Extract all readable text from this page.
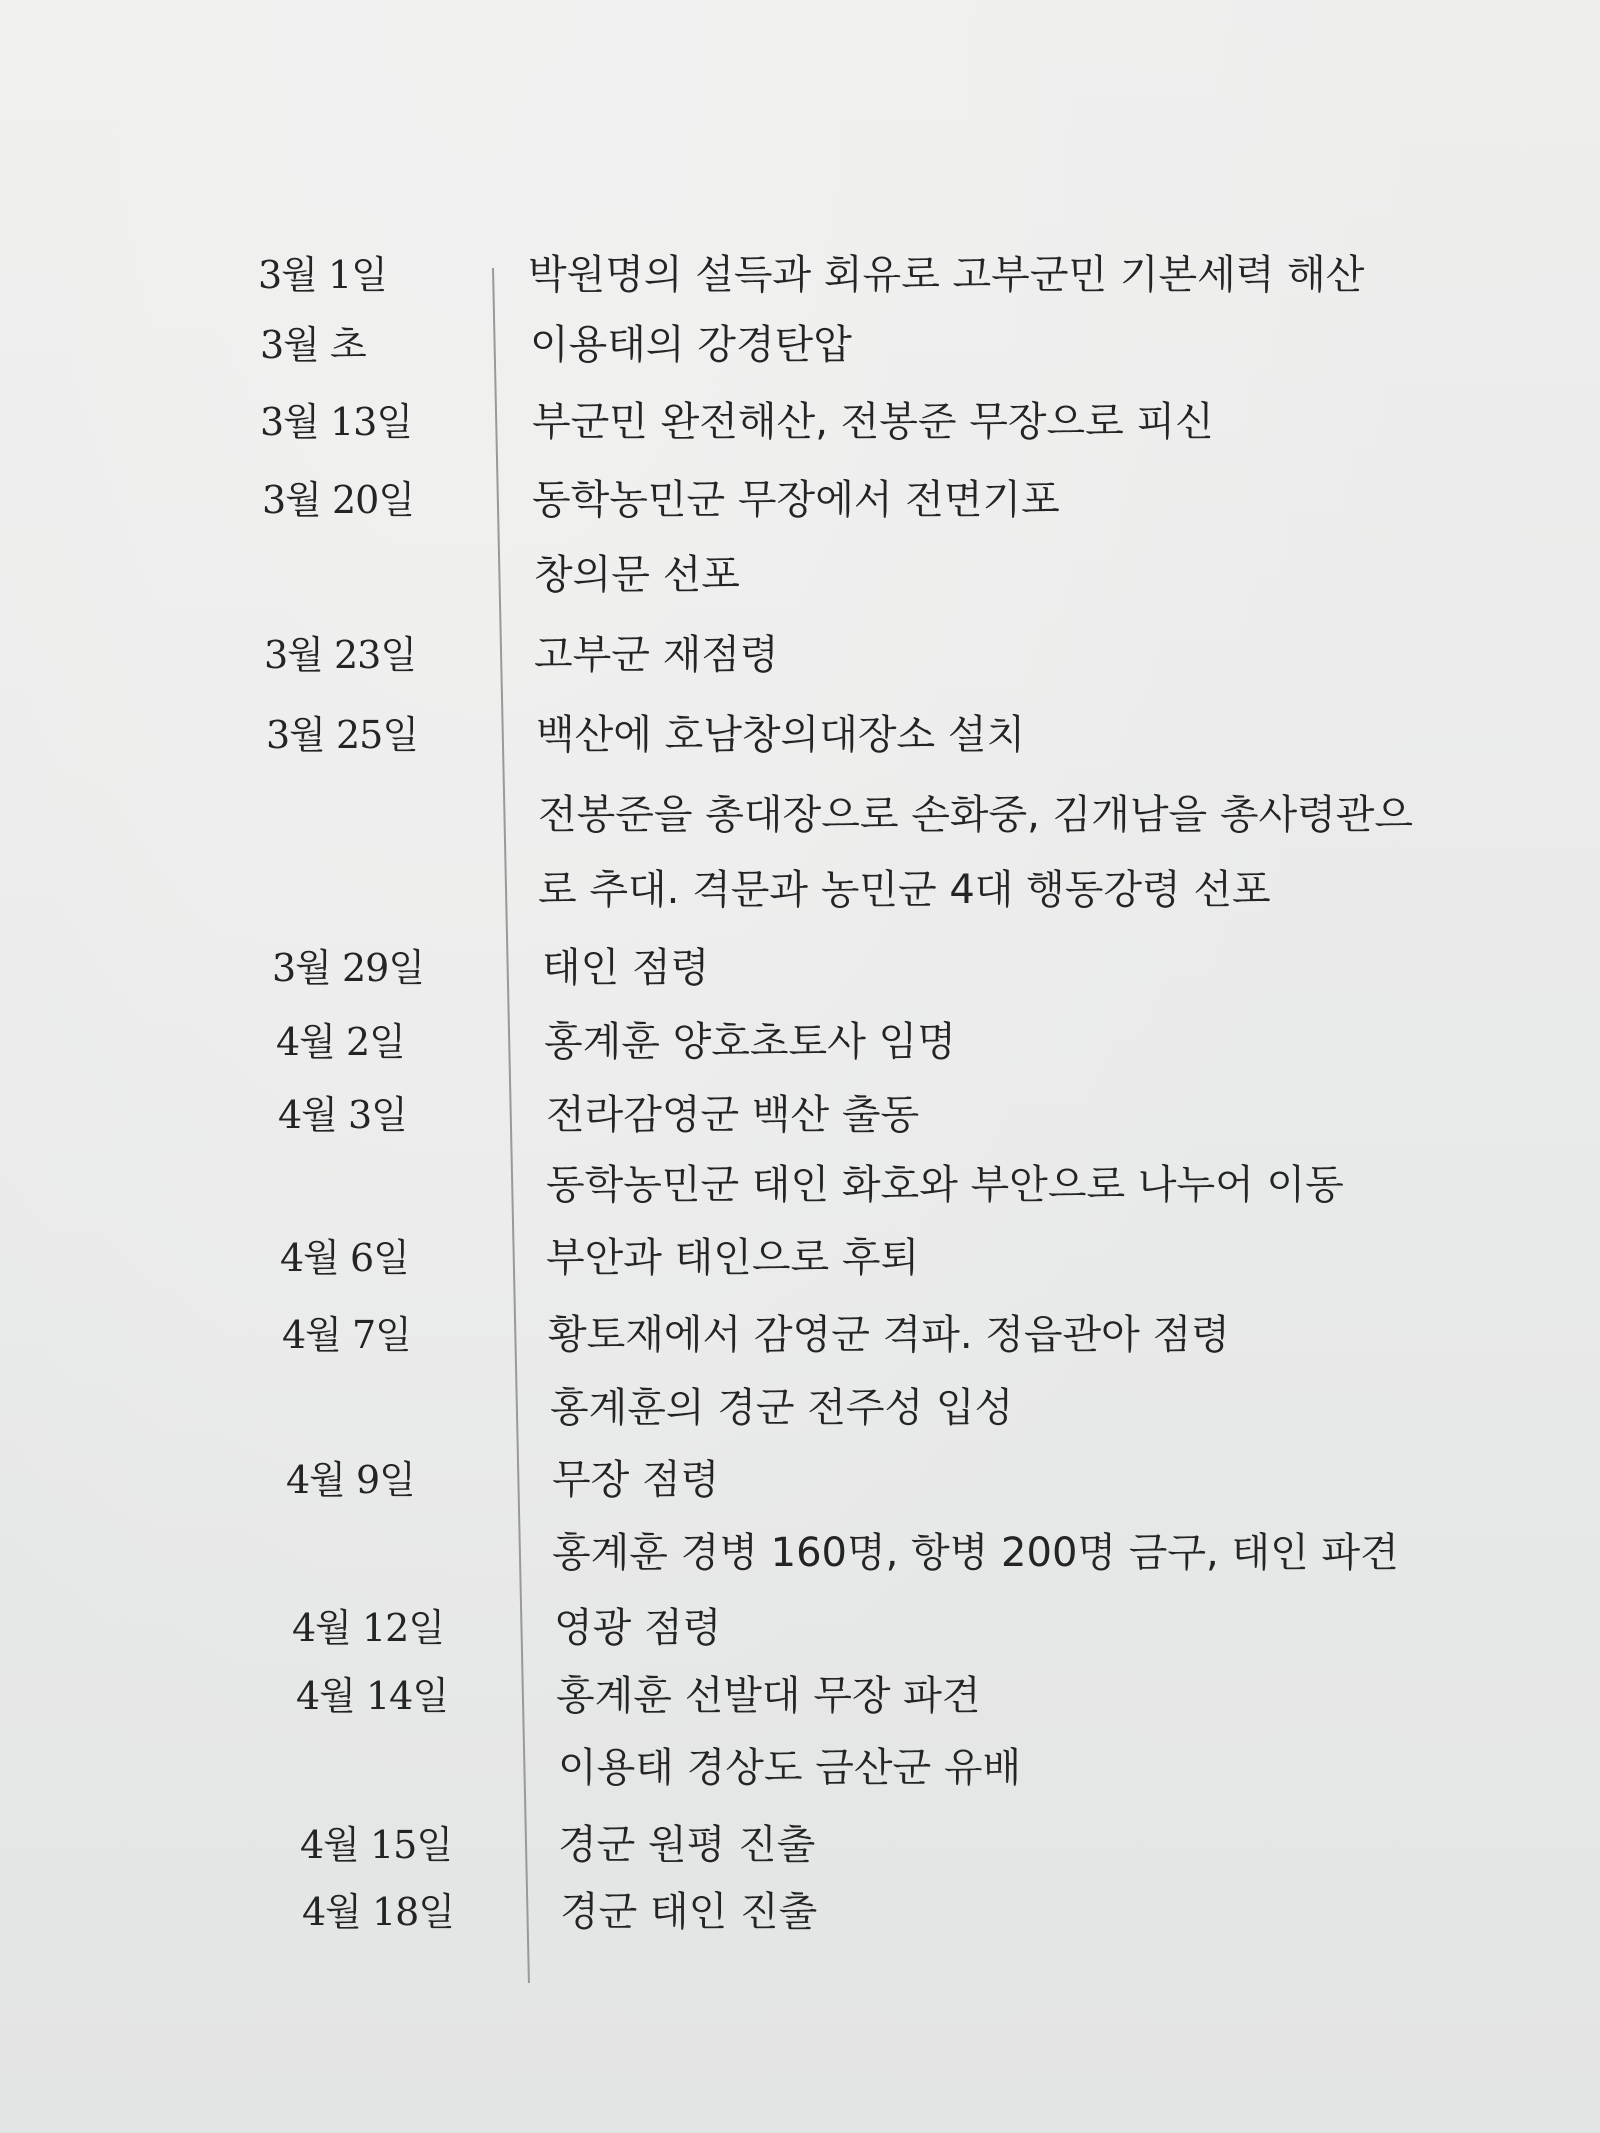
3월 1일	박원명의 설득과 회유로 고부군민 기본세력 해산
3월 초	이용태의 강경탄압
3월 13일	부군민 완전해산, 전봉준 무장으로 피신
3월 20일	동학농민군 무장에서 전면기포
창의문 선포
3월 23일	고부군 재점령
3월 25일	백산에 호남창의대장소 설치
전봉준을 총대장으로 손화중, 김개남을 총사령관으
로 추대. 격문과 농민군 4대 행동강령 선포
3월 29일	태인 점령
4월 2일	홍계훈 양호초토사 임명
4월 3일	전라감영군 백산 출동
동학농민군 태인 화호와 부안으로 나누어 이동
4월 6일	부안과 태인으로 후퇴
4월 7일	황토재에서 감영군 격파. 정읍관아 점령
홍계훈의 경군 전주성 입성
4월 9일	무장 점령
홍계훈 경병 160명, 항병 200명 금구, 태인 파견
4월 12일	영광 점령
4월 14일	홍계훈 선발대 무장 파견
이용태 경상도 금산군 유배
4월 15일	경군 원평 진출
4월 18일	경군 태인 진출
